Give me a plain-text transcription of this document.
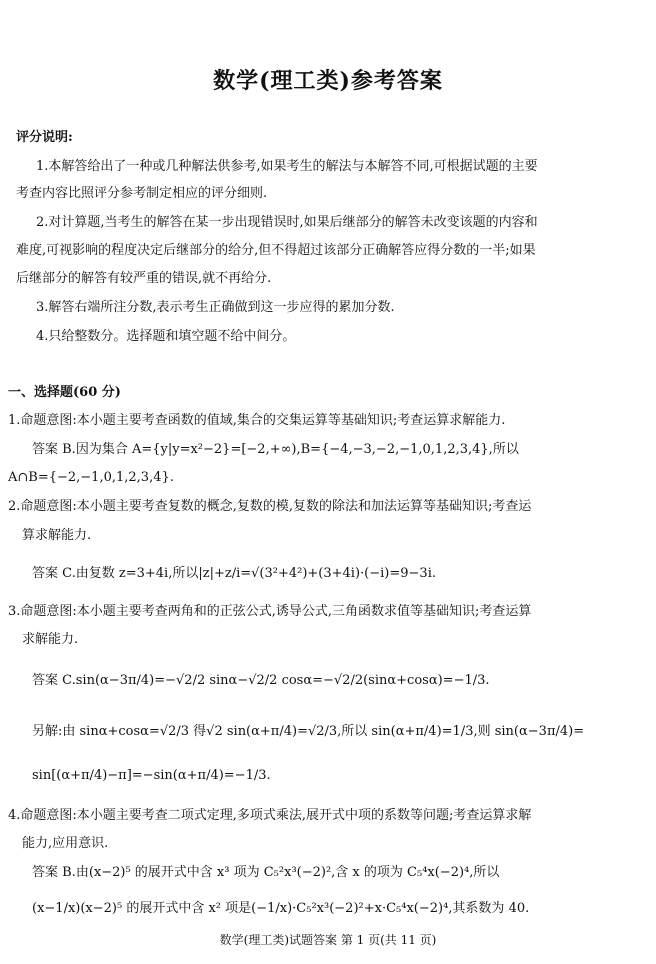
数学(理工类)参考答案
评分说明:
1.本解答给出了一种或几种解法供参考,如果考生的解法与本解答不同,可根据试题的主要
考查内容比照评分参考制定相应的评分细则.
2.对计算题,当考生的解答在某一步出现错误时,如果后继部分的解答未改变该题的内容和
难度,可视影响的程度决定后继部分的给分,但不得超过该部分正确解答应得分数的一半;如果
后继部分的解答有较严重的错误,就不再给分.
3.解答右端所注分数,表示考生正确做到这一步应得的累加分数.
4.只给整数分。选择题和填空题不给中间分。
一、选择题(60 分)
1.命题意图:本小题主要考查函数的值域,集合的交集运算等基础知识;考查运算求解能力.
答案 B.因为集合 A={y|y=x²−2}=[−2,+∞),B={−4,−3,−2,−1,0,1,2,3,4},所以
A∩B={−2,−1,0,1,2,3,4}.
2.命题意图:本小题主要考查复数的概念,复数的模,复数的除法和加法运算等基础知识;考查运
算求解能力.
答案 C.由复数 z=3+4i,所以|z|+z/i=√(3²+4²)+(3+4i)·(−i)=9−3i.
3.命题意图:本小题主要考查两角和的正弦公式,诱导公式,三角函数求值等基础知识;考查运算
求解能力.
答案 C.sin(α−3π/4)=−√2/2 sinα−√2/2 cosα=−√2/2(sinα+cosα)=−1/3.
另解:由 sinα+cosα=√2/3 得√2 sin(α+π/4)=√2/3,所以 sin(α+π/4)=1/3,则 sin(α−3π/4)=
sin[(α+π/4)−π]=−sin(α+π/4)=−1/3.
4.命题意图:本小题主要考查二项式定理,多项式乘法,展开式中项的系数等问题;考查运算求解
能力,应用意识.
答案 B.由(x−2)⁵ 的展开式中含 x³ 项为 C₅²x³(−2)²,含 x 的项为 C₅⁴x(−2)⁴,所以
(x−1/x)(x−2)⁵ 的展开式中含 x² 项是(−1/x)·C₅²x³(−2)²+x·C₅⁴x(−2)⁴,其系数为 40.
数学(理工类)试题答案 第 1 页(共 11 页)
